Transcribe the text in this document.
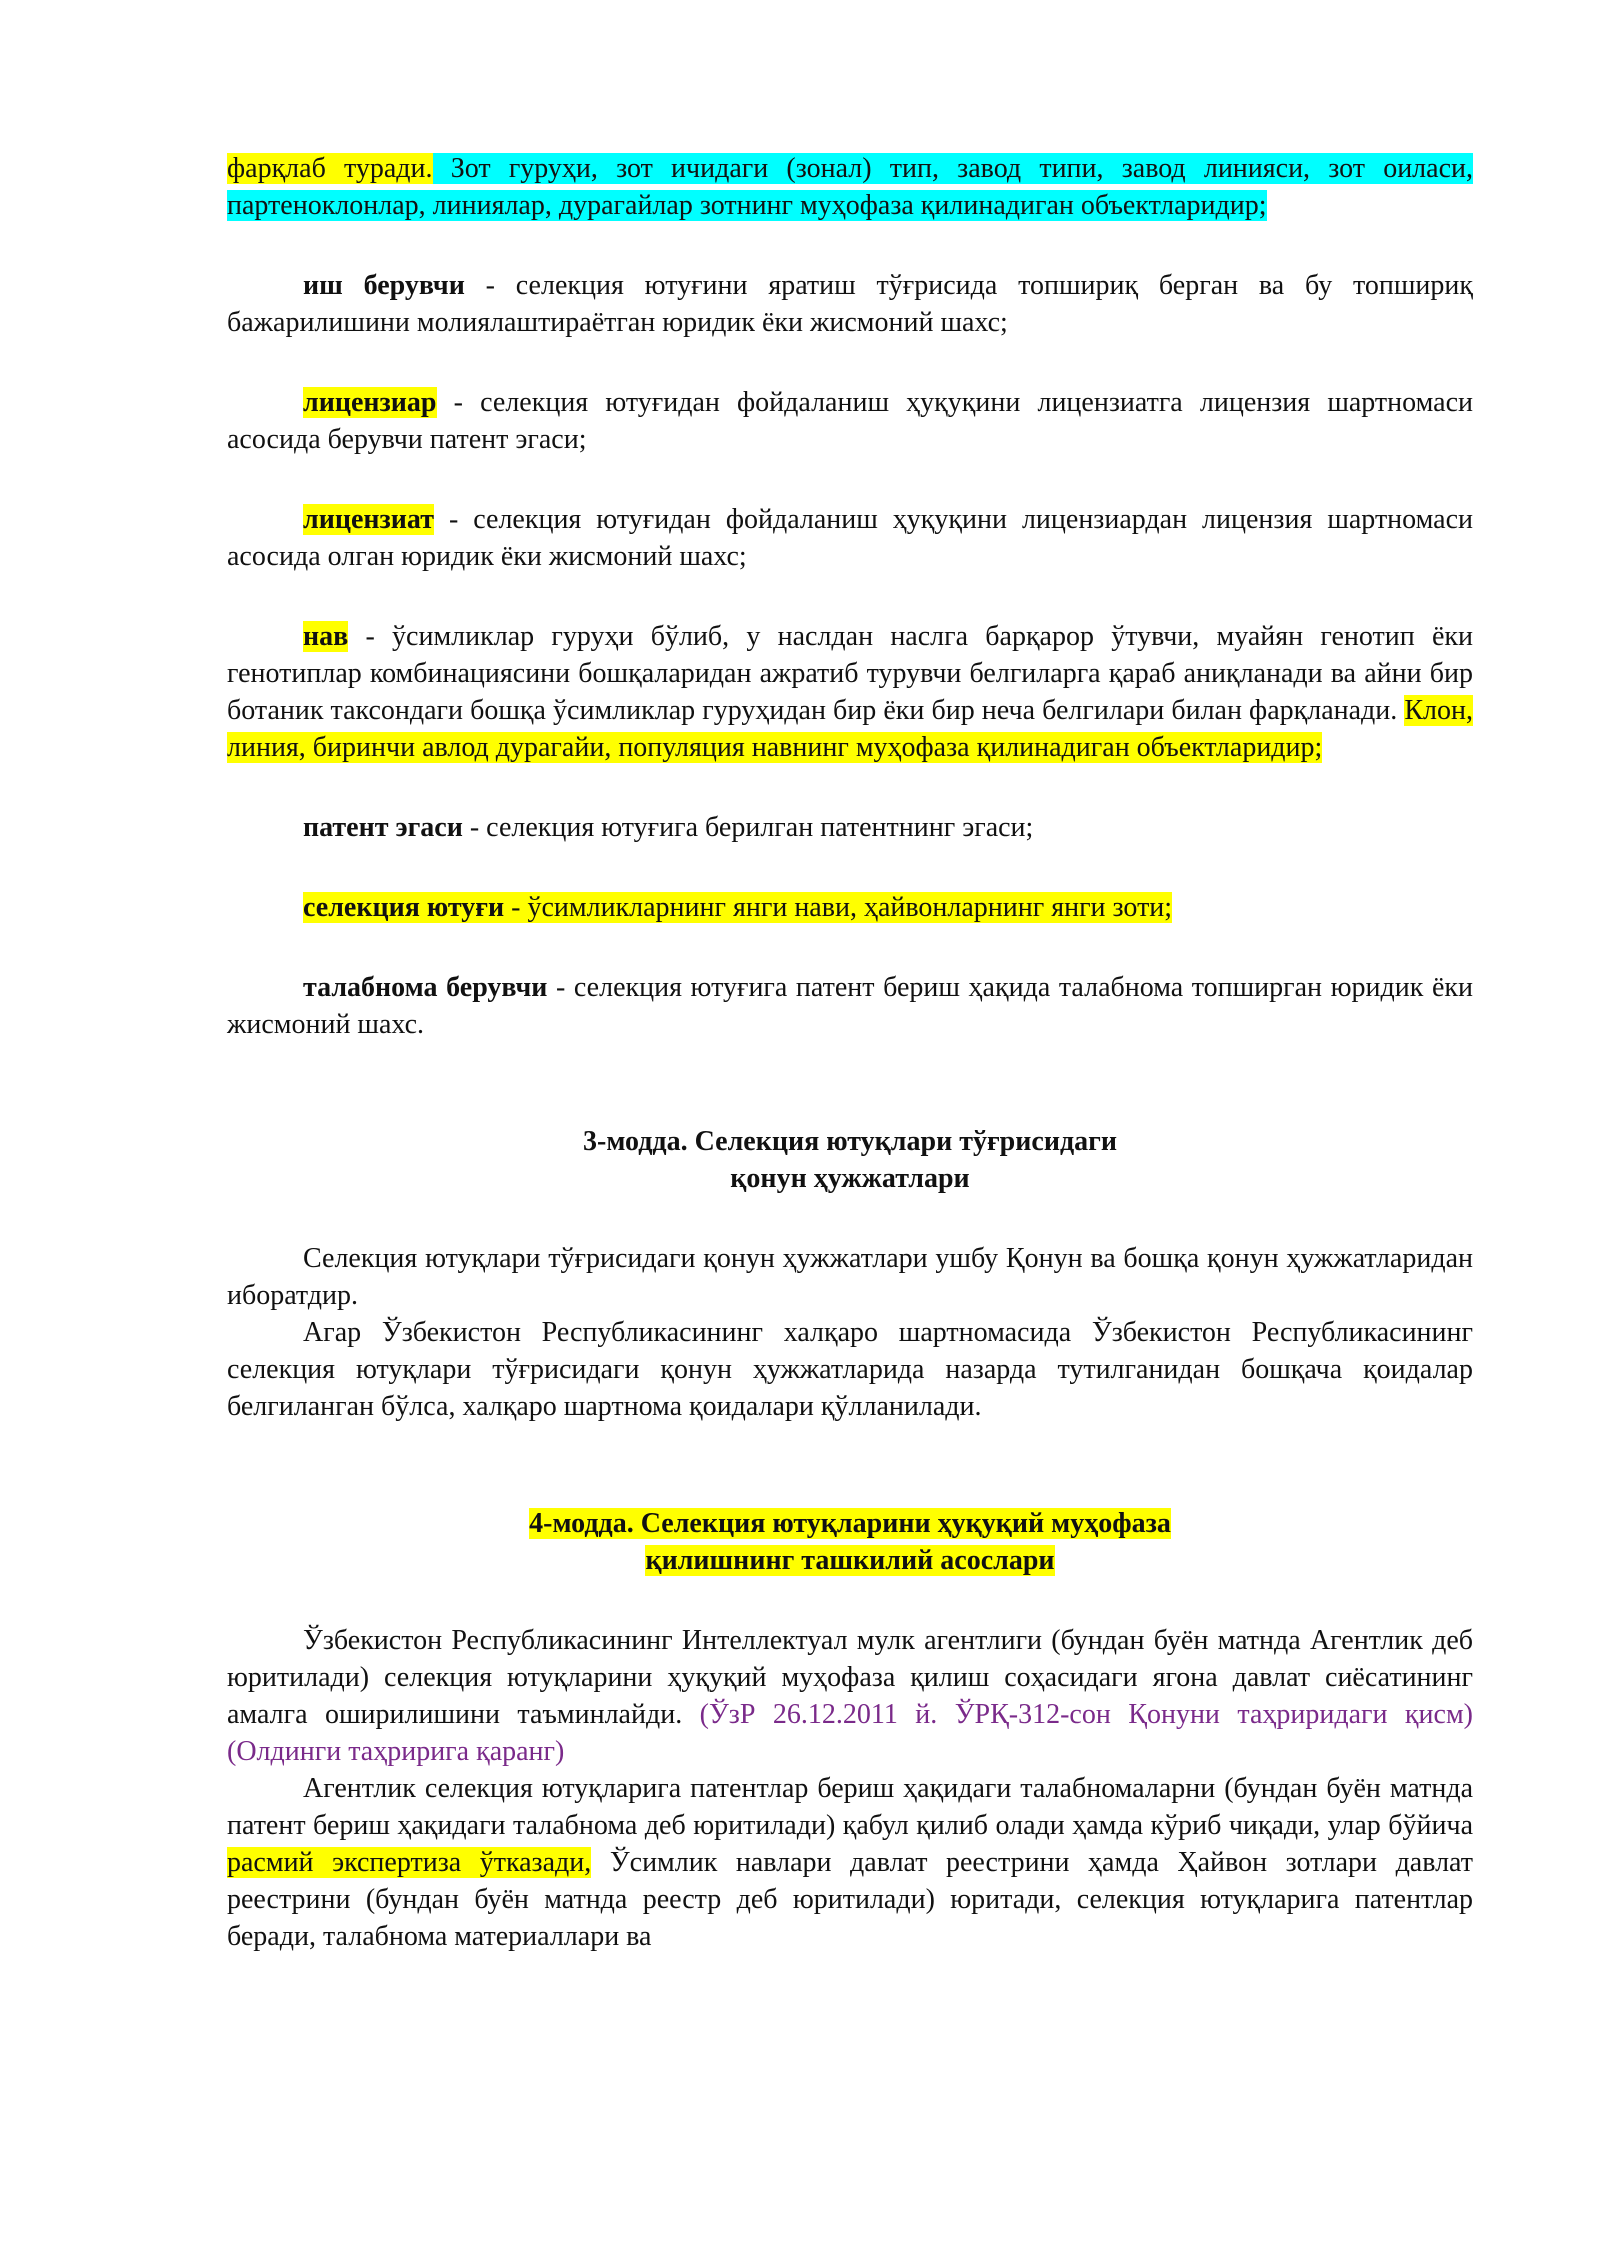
фарқлаб туради. Зот гуруҳи, зот ичидаги (зонал) тип, завод типи, завод линияси, зот оиласи, партеноклонлар, линиялар, дурагайлар зотнинг муҳофаза қилинадиган объектларидир;

иш берувчи - селекция ютуғини яратиш тўғрисида топшириқ берган ва бу топшириқ бажарилишини молиялаштираётган юридик ёки жисмоний шахс;

лицензиар - селекция ютуғидан фойдаланиш ҳуқуқини лицензиатга лицензия шартномаси асосида берувчи патент эгаси;

лицензиат - селекция ютуғидан фойдаланиш ҳуқуқини лицензиардан лицензия шартномаси асосида олган юридик ёки жисмоний шахс;

нав - ўсимликлар гуруҳи бўлиб, у наслдан наслга барқарор ўтувчи, муайян генотип ёки генотиплар комбинациясини бошқаларидан ажратиб турувчи белгиларга қараб аниқланади ва айни бир ботаник таксондаги бошқа ўсимликлар гуруҳидан бир ёки бир неча белгилари билан фарқланади. Клон, линия, биринчи авлод дурагайи, популяция навнинг муҳофаза қилинадиган объектларидир;

патент эгаси - селекция ютуғига берилган патентнинг эгаси;

селекция ютуғи - ўсимликларнинг янги нави, ҳайвонларнинг янги зоти;

талабнома берувчи - селекция ютуғига патент бериш ҳақида талабнома топширган юридик ёки жисмоний шахс.

3-модда. Селекция ютуқлари тўғрисидаги

қонун ҳужжатлари

Селекция ютуқлари тўғрисидаги қонун ҳужжатлари ушбу Қонун ва бошқа қонун ҳужжатларидан иборатдир.

Агар Ўзбекистон Республикасининг халқаро шартномасида Ўзбекистон Республикасининг селекция ютуқлари тўғрисидаги қонун ҳужжатларида назарда тутилганидан бошқача қоидалар белгиланган бўлса, халқаро шартнома қоидалари қўлланилади.

4-модда. Селекция ютуқларини ҳуқуқий муҳофаза

қилишнинг ташкилий асослари

Ўзбекистон Республикасининг Интеллектуал мулк агентлиги (бундан буён матнда Агентлик деб юритилади) селекция ютуқларини ҳуқуқий муҳофаза қилиш соҳасидаги ягона давлат сиёсатининг амалга оширилишини таъминлайди. (ЎзР 26.12.2011 й. ЎРҚ-312-сон Қонуни таҳриридаги қисм) (Олдинги таҳририга қаранг)

Агентлик селекция ютуқларига патентлар бериш ҳақидаги талабномаларни (бундан буён матнда патент бериш ҳақидаги талабнома деб юритилади) қабул қилиб олади ҳамда кўриб чиқади, улар бўйича расмий экспертиза ўтказади, Ўсимлик навлари давлат реестрини ҳамда Ҳайвон зотлари давлат реестрини (бундан буён матнда реестр деб юритилади) юритади, селекция ютуқларига патентлар беради, талабнома материаллари ва
